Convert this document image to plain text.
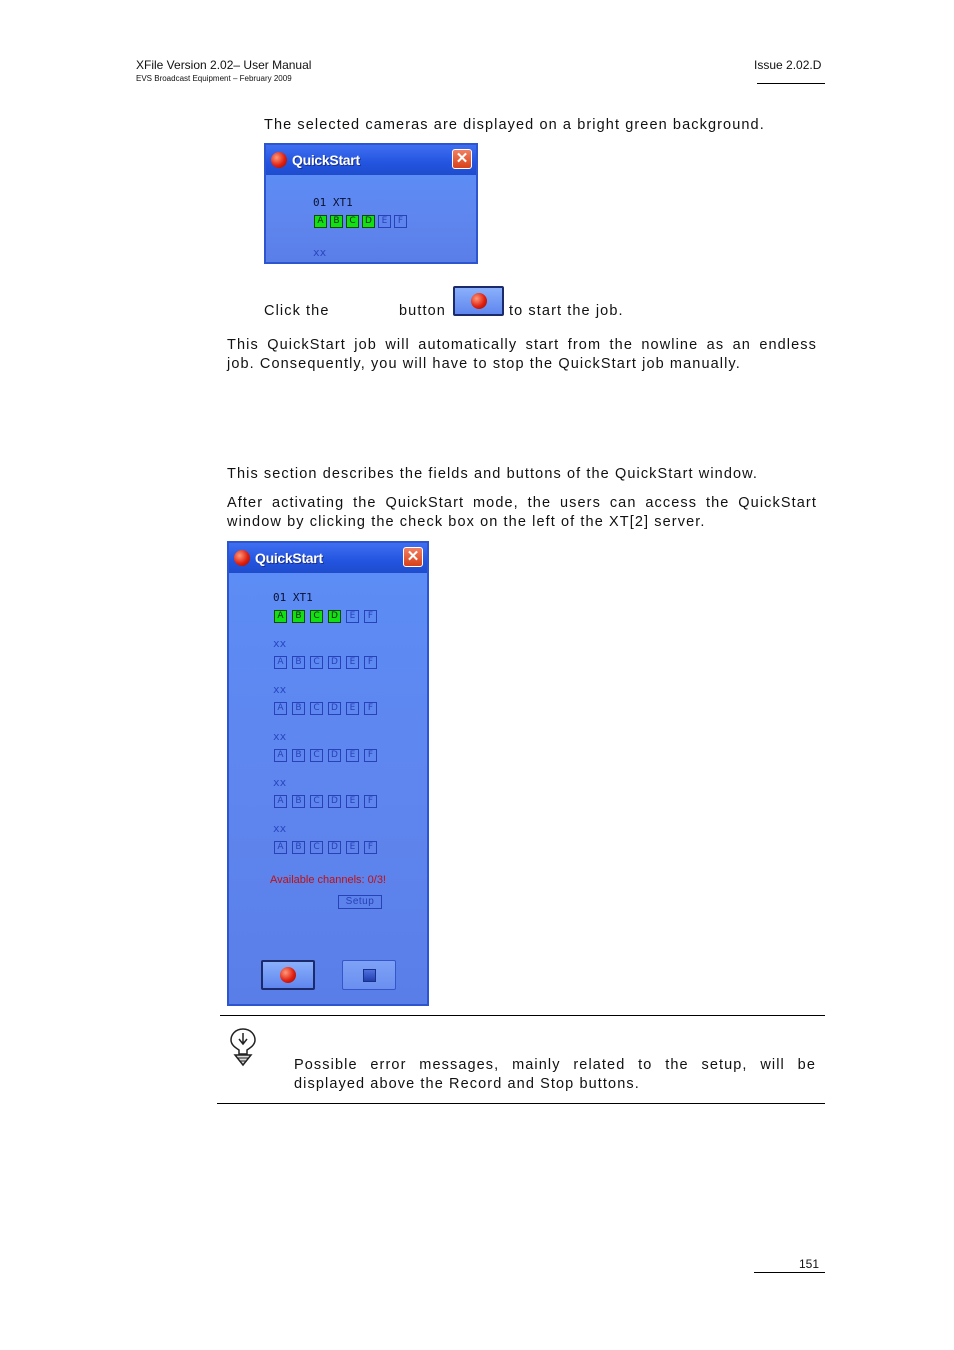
XFile Version 2.02– User Manual
EVS Broadcast Equipment – February 2009
Issue 2.02.D
The selected cameras are displayed on a bright green background.
QuickStart	✕
01 XT1
A	B	C	D	E	F
xx
Click the	button	to start the job.
This QuickStart job will automatically start from the nowline as an endless
job. Consequently, you will have to stop the QuickStart job manually.
This section describes the fields and buttons of the QuickStart window.
After activating the QuickStart mode, the users can access the QuickStart
window by clicking the check box on the left of the XT[2] server.
QuickStart	✕
Available channels: 0/3!
Setup
01 XT1
A	B	C	D	E	F
xx
A	B	C	D	E	F
xx
A	B	C	D	E	F
xx
A	B	C	D	E	F
xx
A	B	C	D	E	F
xx
A	B	C	D	E	F
Possible error messages, mainly related to the setup, will be
displayed above the Record and Stop buttons.
151
